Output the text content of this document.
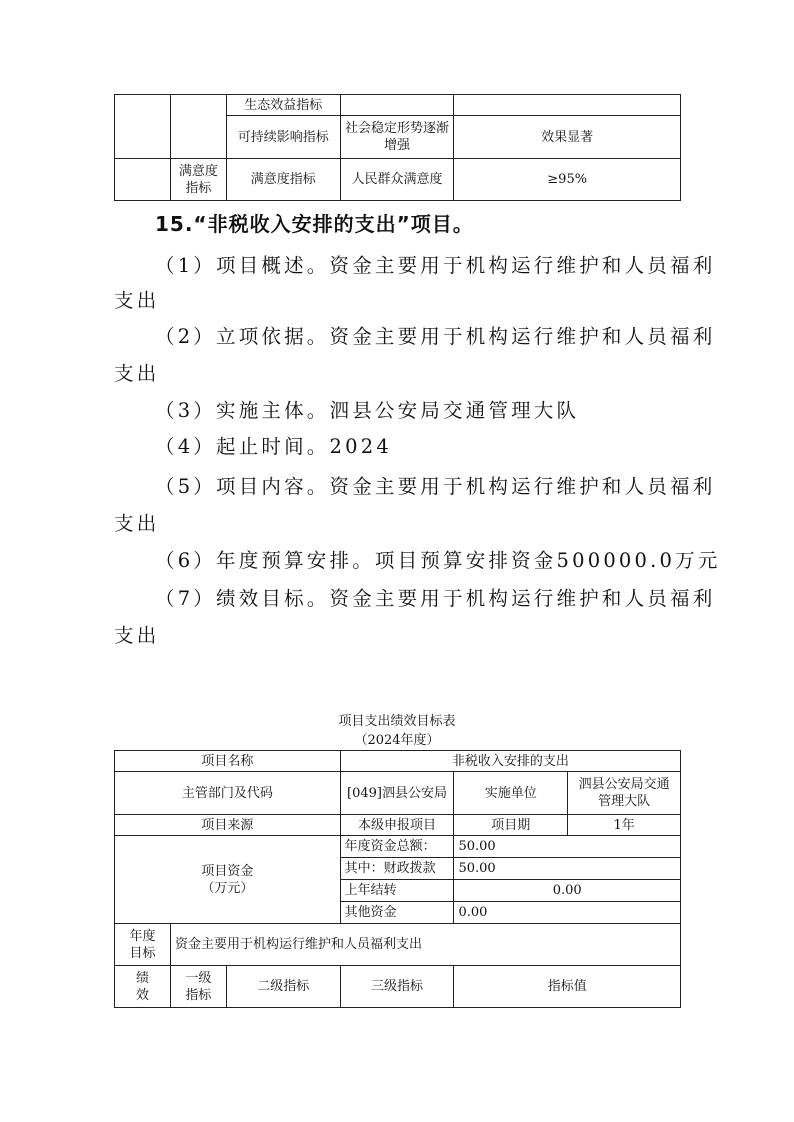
		生态效益指标		
		可持续影响指标	社会稳定形势逐渐增强	效果显著
	满意度指标	满意度指标	人民群众满意度	≥95%
15.“非税收入安排的支出”项目。
（1）项目概述。资金主要用于机构运行维护和人员福利
支出
（2）立项依据。资金主要用于机构运行维护和人员福利
支出
（3）实施主体。泗县公安局交通管理大队
（4）起止时间。2024
（5）项目内容。资金主要用于机构运行维护和人员福利
支出
（6）年度预算安排。项目预算安排资金500000.0万元
（7）绩效目标。资金主要用于机构运行维护和人员福利
支出
项目支出绩效目标表
（2024年度）
项目名称			非税收入安排的支出		
主管部门及代码			[049]泗县公安局	实施单位	泗县公安局交通管理大队
项目来源			本级申报项目	项目期	1年

项目资金
（万元）			年度资金总额：	50.00	
			其中：财政拨款	50.00	
			上年结转	0.00	
			其他资金	0.00	
年度目标	资金主要用于机构运行维护和人员福利支出				
绩效	一级指标	二级指标	三级指标	指标值	
